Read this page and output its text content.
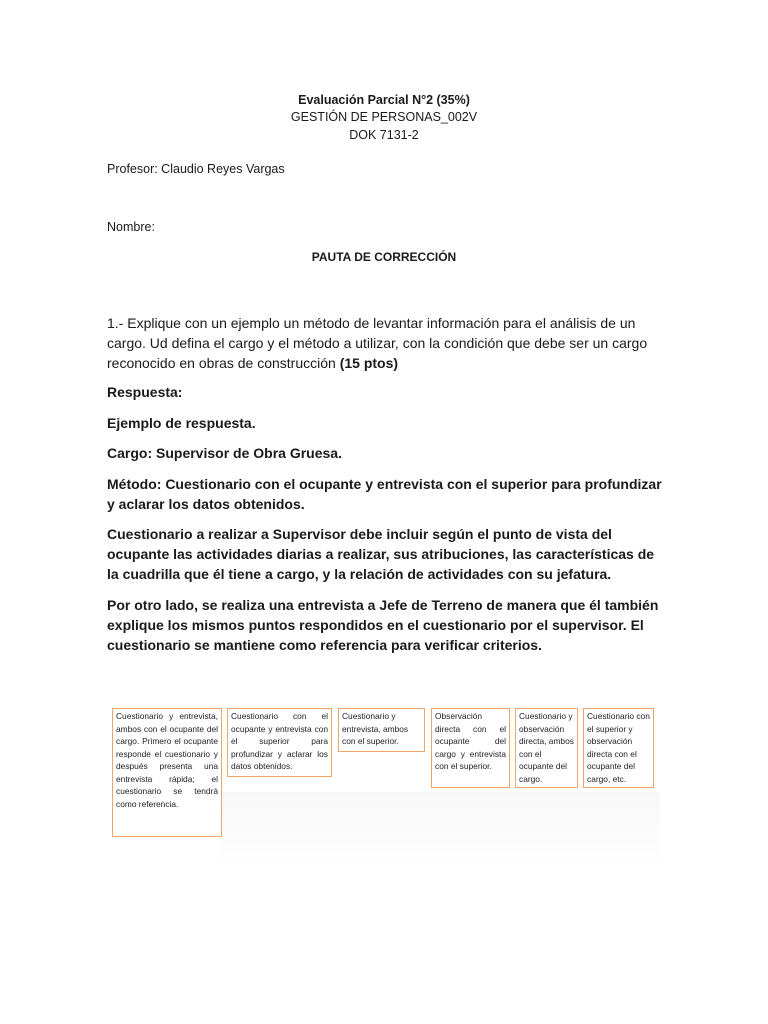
Evaluación Parcial N°2 (35%)
GESTIÓN DE PERSONAS_002V
DOK 7131-2
Profesor: Claudio Reyes Vargas
Nombre:
PAUTA DE CORRECCIÓN
1.- Explique con un ejemplo un método de levantar información para el análisis de un cargo. Ud defina el cargo y el método a utilizar, con la condición que debe ser un cargo reconocido en obras de construcción (15 ptos)
Respuesta:
Ejemplo de respuesta.
Cargo: Supervisor de Obra Gruesa.
Método: Cuestionario con el ocupante y entrevista con el superior para profundizar y aclarar los datos obtenidos.
Cuestionario a realizar a Supervisor debe incluir según el punto de vista del ocupante las actividades diarias a realizar, sus atribuciones, las características de la cuadrilla que él tiene a cargo, y la relación de actividades con su jefatura.
Por otro lado, se realiza una entrevista a Jefe de Terreno de manera que él también explique los mismos puntos respondidos en el cuestionario por el supervisor. El cuestionario se mantiene como referencia para verificar criterios.
Cuestionario y entrevista, ambos con el ocupante del cargo. Primero el ocupante responde el cuestionario y después presenta una entrevista rápida; el cuestionario se tendrá como referencia.
Cuestionario con el ocupante y entrevista con el superior para profundizar y aclarar los datos obtenidos.
Cuestionario y entrevista, ambos con el superior.
Observación directa con el ocupante del cargo y entrevista con el superior.
Cuestionario y observación directa, ambos con el ocupante del cargo.
Cuestionario con el superior y observación directa con el ocupante del cargo, etc.
